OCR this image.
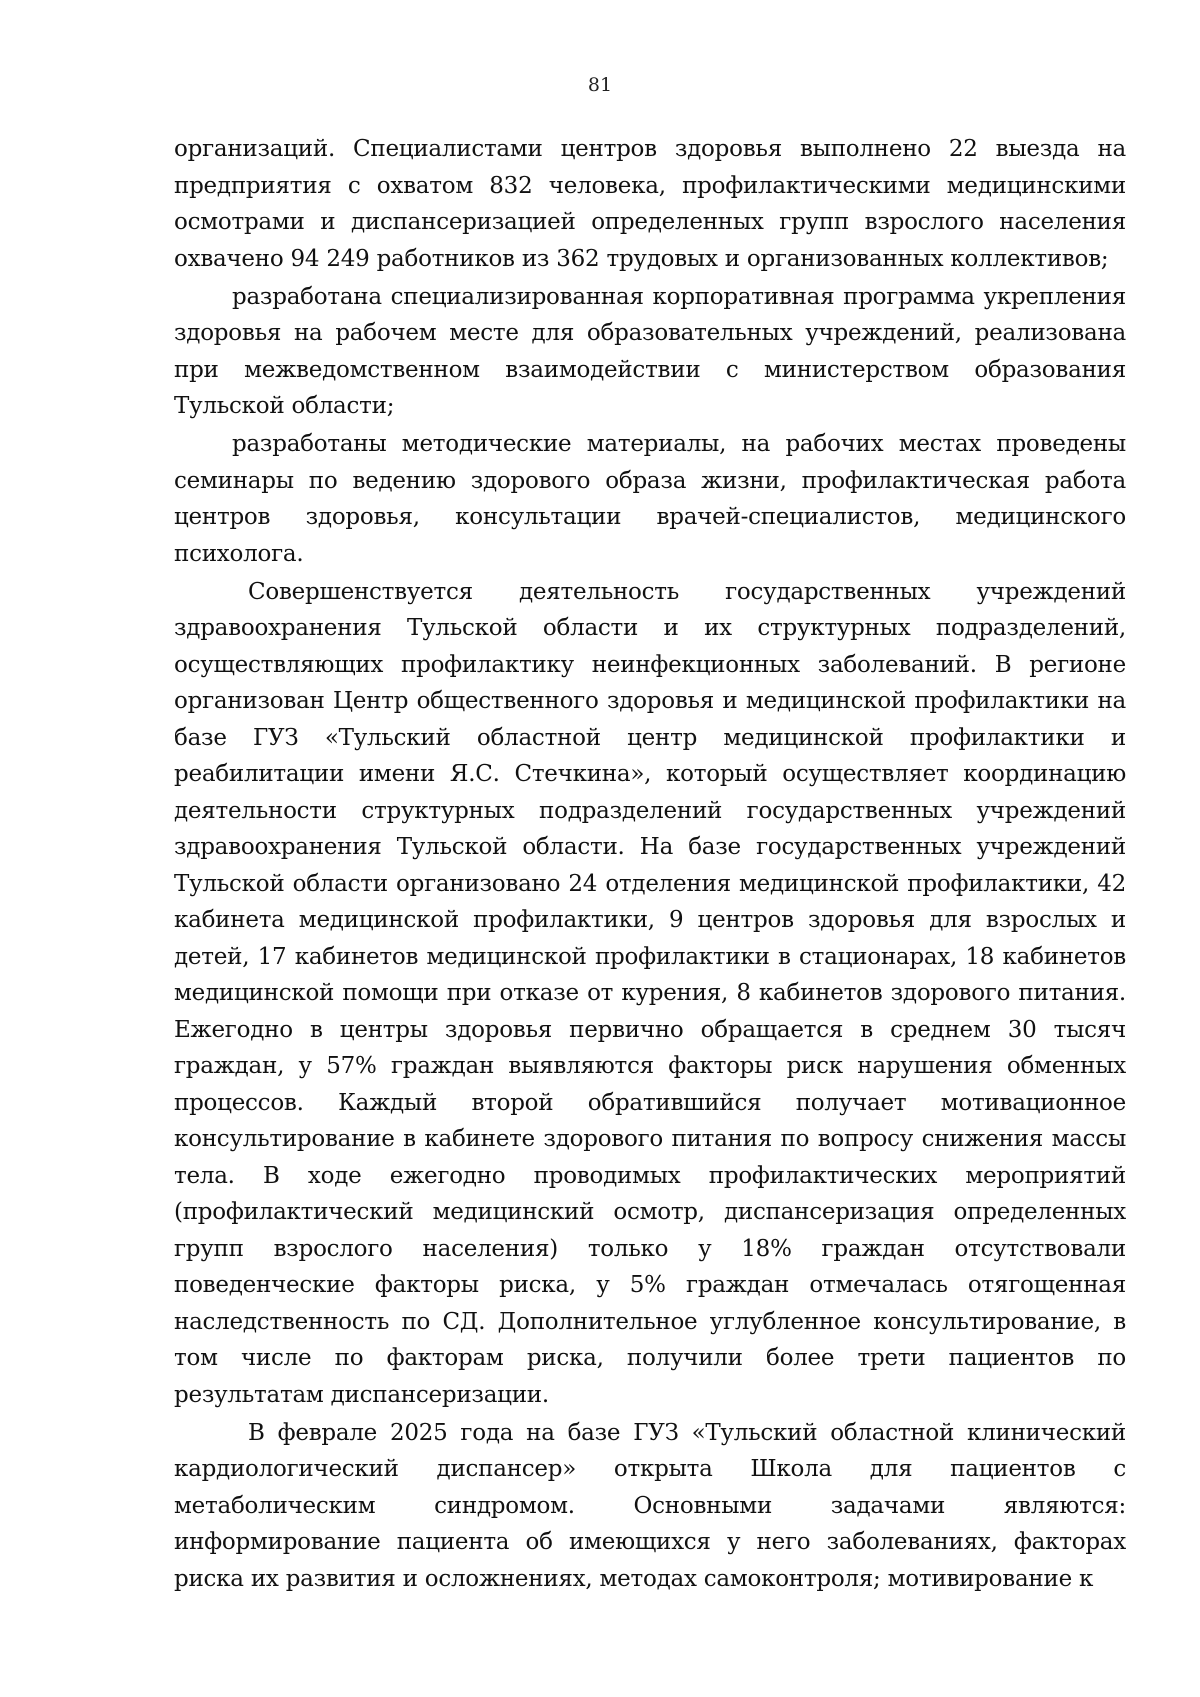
81

организаций. Специалистами центров здоровья выполнено 22 выезда на предприятия с охватом 832 человека, профилактическими медицинскими осмотрами и диспансеризацией определенных групп взрослого населения охвачено 94 249 работников из 362 трудовых и организованных коллективов;

разработана специализированная корпоративная программа укрепления здоровья на рабочем месте для образовательных учреждений, реализована при межведомственном взаимодействии с министерством образования Тульской области;

разработаны методические материалы, на рабочих местах проведены семинары по ведению здорового образа жизни, профилактическая работа центров здоровья, консультации врачей-специалистов, медицинского психолога.

Совершенствуется деятельность государственных учреждений здравоохранения Тульской области и их структурных подразделений, осуществляющих профилактику неинфекционных заболеваний. В регионе организован Центр общественного здоровья и медицинской профилактики на базе ГУЗ «Тульский областной центр медицинской профилактики и реабилитации имени Я.С. Стечкина», который осуществляет координацию деятельности структурных подразделений государственных учреждений здравоохранения Тульской области. На базе государственных учреждений Тульской области организовано 24 отделения медицинской профилактики, 42 кабинета медицинской профилактики, 9 центров здоровья для взрослых и детей, 17 кабинетов медицинской профилактики в стационарах, 18 кабинетов медицинской помощи при отказе от курения, 8 кабинетов здорового питания. Ежегодно в центры здоровья первично обращается в среднем 30 тысяч граждан, у 57% граждан выявляются факторы риск нарушения обменных процессов. Каждый второй обратившийся получает мотивационное консультирование в кабинете здорового питания по вопросу снижения массы тела. В ходе ежегодно проводимых профилактических мероприятий (профилактический медицинский осмотр, диспансеризация определенных групп взрослого населения) только у 18% граждан отсутствовали поведенческие факторы риска, у 5% граждан отмечалась отягощенная наследственность по СД. Дополнительное углубленное консультирование, в том числе по факторам риска, получили более трети пациентов по результатам диспансеризации.

В феврале 2025 года на базе ГУЗ «Тульский областной клинический кардиологический диспансер» открыта Школа для пациентов с метаболическим синдромом. Основными задачами являются: информирование пациента об имеющихся у него заболеваниях, факторах риска их развития и осложнениях, методах самоконтроля; мотивирование к
